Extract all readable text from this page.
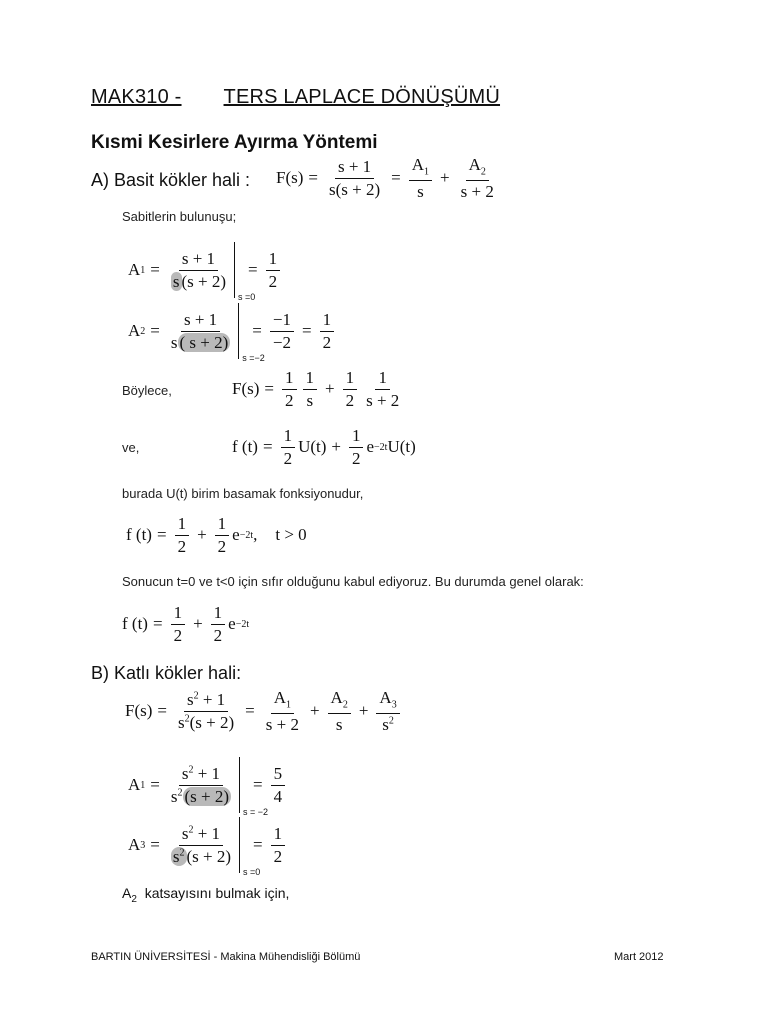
MAK310 - TERS LAPLACE DÖNÜŞÜMÜ
Kısmi Kesirlere Ayırma Yöntemi
A) Basit kökler hali : $F(s) = \frac{s + 1}{s(s + 2)} = \frac{A_1}{s} + \frac{A_2}{s + 2}$
Sabitlerin bulunuşu;
A $1 = \frac{s + 1}{s (s + 2)}$
s =0
= $\frac{1}{2}$
A $2 = \frac{s + 1}{s ( s + 2)}$
s =−2
= $\frac{-1}{-2} = \frac{1}{2}$
Böylece,	$F(s) = \frac{1}{2} \frac{1}{s} + \frac{1}{2} \frac{1}{s + 2}$
ve,	f $(t) = \frac{1}{2} U(t) + \frac{1}{2}$ e −2t U(t)
burada U(t) birim basamak fonksiyonudur,
f $(t) = \frac{1}{2} + \frac{1}{2}$ e −2t , t > 0
Sonucun t=0 ve t<0 için sıfır olduğunu kabul ediyoruz. Bu durumda genel olarak:
f $(t) = \frac{1}{2} + \frac{1}{2}$ e −2t
B) Katlı kökler hali:
$F(s) = \frac{s^2 + 1}{s^2(s + 2)} = \frac{A_1}{s + 2} + \frac{A_2}{s} + \frac{A_3}{s^2}$
A $1 = \frac{s^2 + 1}{s^2 (s + 2)}$
s = −2
= $\frac{5}{4}$
A $3 = \frac{s^2 + 1}{s^2 (s + 2)}$
s =0
= $\frac{1}{2}$
$A_2$ katsayısını bulmak için,
BARTIN ÜNİVERSİTESİ - Makina Mühendisliği Bölümü	Mart 2012
